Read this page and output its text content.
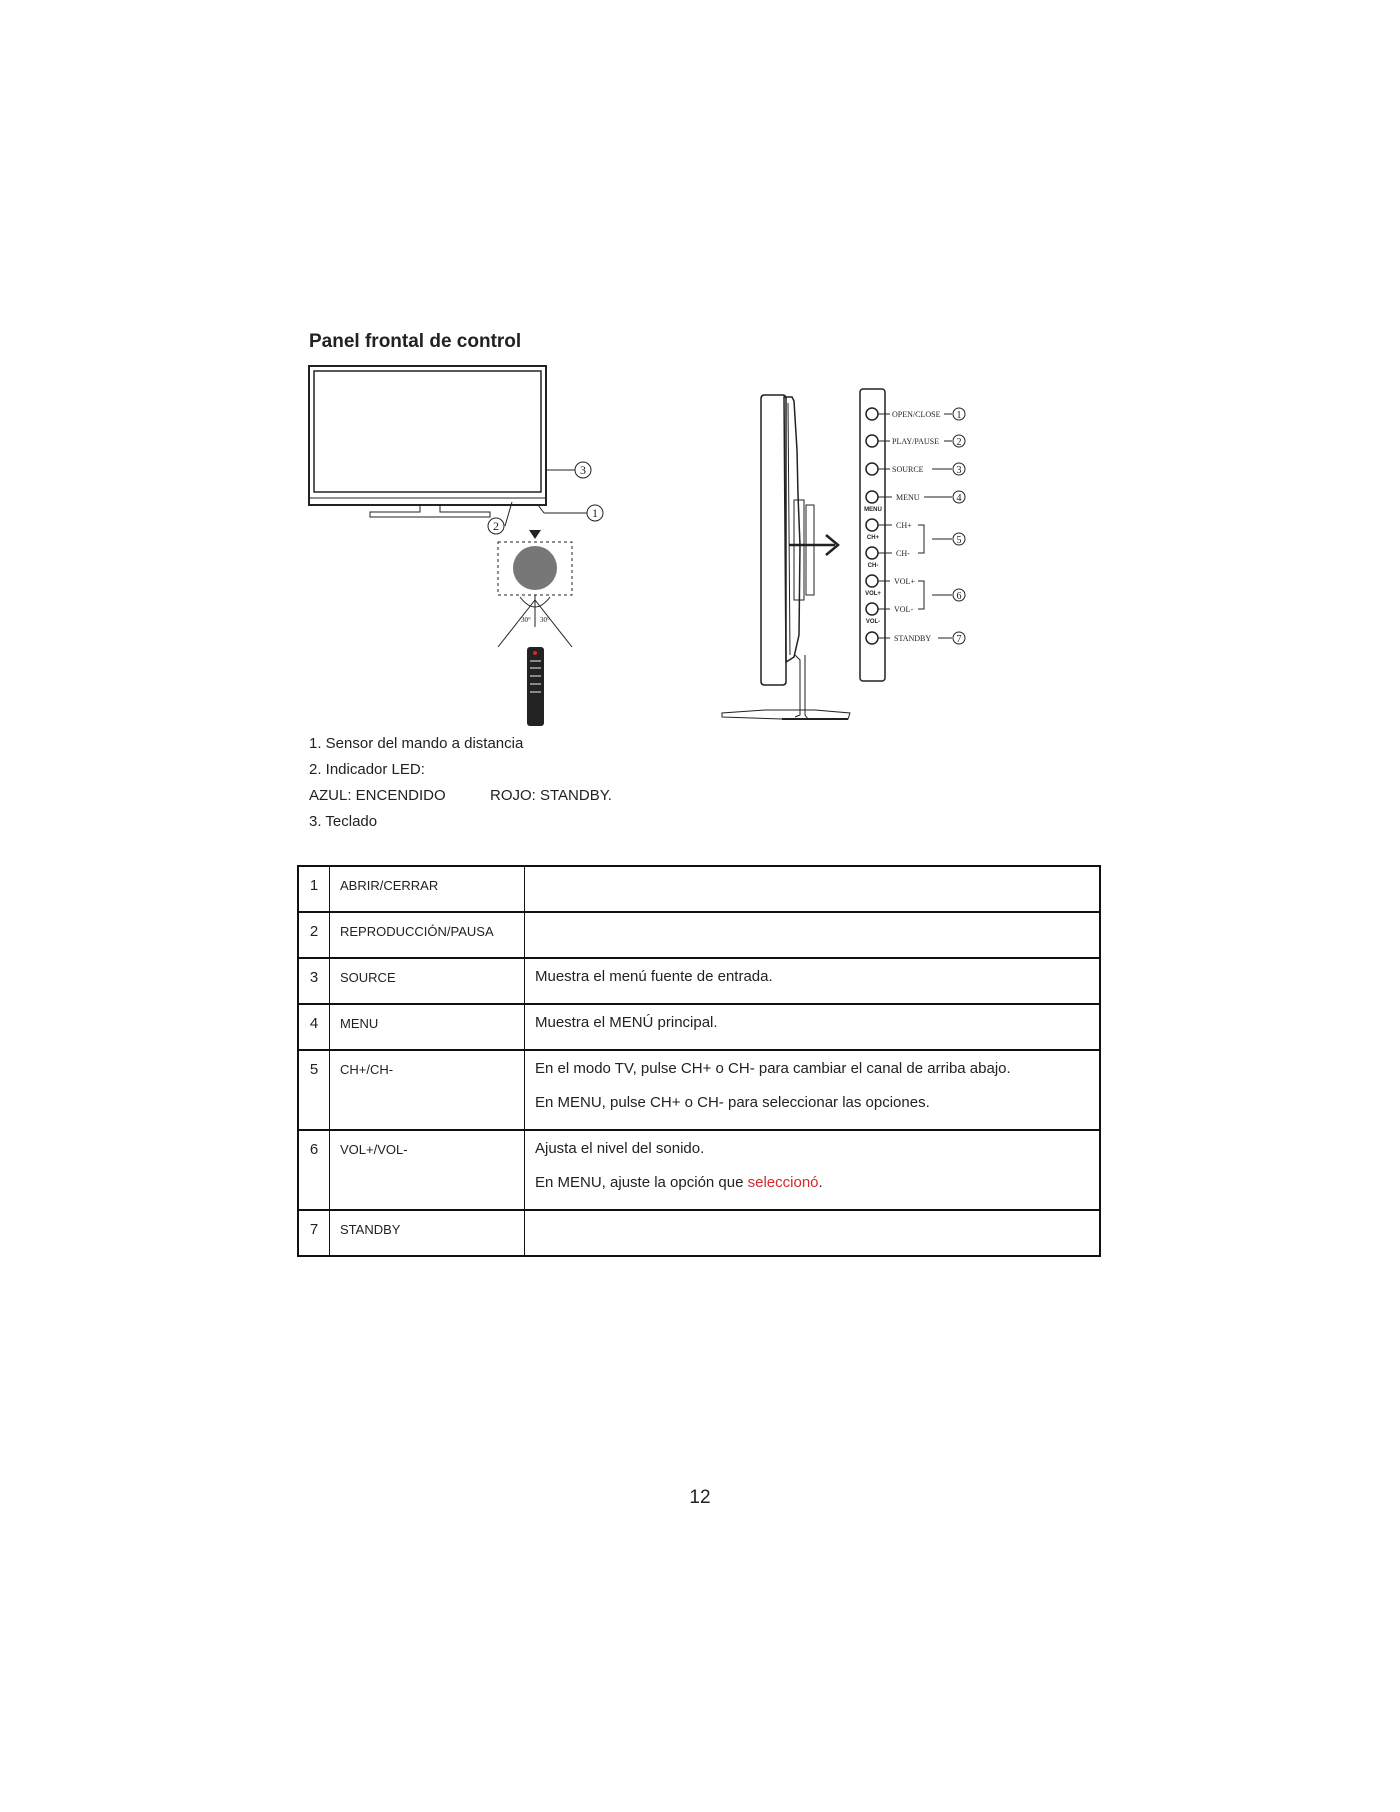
Panel frontal de control
3
1
2
30° 30°
OPEN/CLOSE
PLAY/PAUSE
SOURCE
MENU
CH+
CH-
VOL+
VOL-
STANDBY
MENU
CH+
CH-
VOL+
VOL-
1
2
3
4
5
6
7
1. Sensor del mando a distancia
2. Indicador LED:
AZUL: ENCENDIDO	ROJO: STANDBY.
3. Teclado
1	ABRIR/CERRAR	
2	REPRODUCCIÓN/PAUSA	
3	SOURCE	Muestra el menú fuente de entrada.
4	MENU	Muestra el MENÚ principal.
5	CH+/CH-	En el modo TV, pulse CH+ o CH- para cambiar el canal de arriba abajo.
En MENU, pulse CH+ o CH- para seleccionar las opciones.

6	VOL+/VOL-	Ajusta el nivel del sonido.
En MENU, ajuste la opción que seleccionó.

7	STANDBY	
12
